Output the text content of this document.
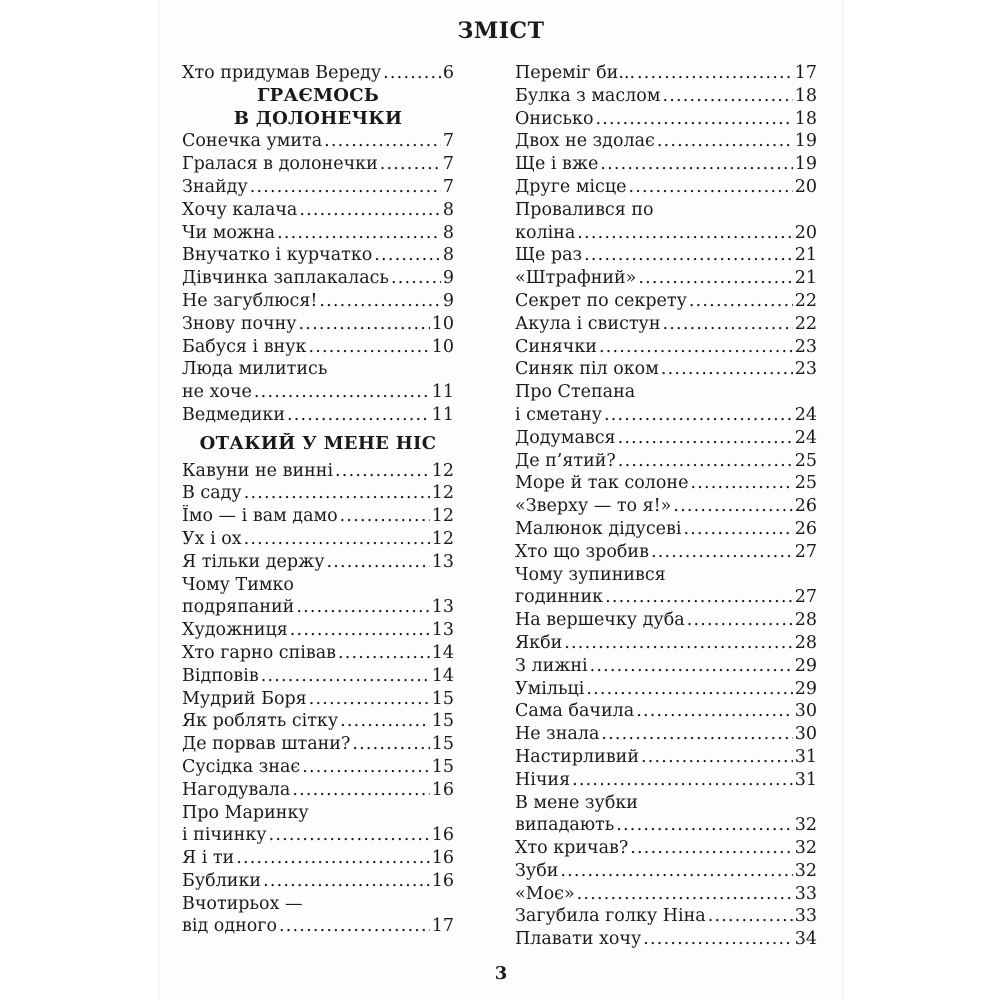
ЗМІСТ
Хто придумав Вереду .....	6
ГРАЄМОСЬ
В ДОЛОНЕЧКИ
Сонечка умита .....	7
Гралася в долонечки .....	7
Знайду .....	7
Хочу калача .....	8
Чи можна .....	8
Внучатко і курчатко .....	8
Дівчинка заплакалась .....	9
Не загублюся! .....	9
Знову почну .....	10
Бабуся і внук .....	10
Люда милитись
не хоче .....	11
Ведмедики .....	11
ОТАКИЙ У МЕНЕ НІС
Кавуни не винні .....	12
В саду .....	12
Їмо — і вам дамо .....	12
Ух і ох .....	12
Я тільки держу .....	13
Чому Тимко
подряпаний .....	13
Художниця .....	13
Хто гарно співав .....	14
Відповів .....	14
Мудрий Боря .....	15
Як роблять сітку .....	15
Де порвав штани? .....	15
Сусідка знає .....	15
Нагодувала .....	16
Про Маринку
і пічинку .....	16
Я і ти .....	16
Бублики .....	16
Вчотирьох —
від одного .....	17
Переміг би... .....	17
Булка з маслом .....	18
Онисько .....	18
Двох не здолає .....	19
Ще і вже .....	19
Друге місце .....	20
Провалився по
коліна .....	20
Ще раз .....	21
«Штрафний» .....	21
Секрет по секрету .....	22
Акула і свистун .....	22
Синячки .....	23
Синяк піл оком .....	23
Про Степана
і сметану .....	24
Додумався .....	24
Де п’ятий? .....	25
Море й так солоне .....	25
«Зверху — то я!» .....	26
Малюнок дідусеві .....	26
Хто що зробив .....	27
Чому зупинився
годинник .....	27
На вершечку дуба .....	28
Якби .....	28
З лижні .....	29
Умільці .....	29
Сама бачила .....	30
Не знала .....	30
Настирливий .....	31
Нічия .....	31
В мене зубки
випадають .....	32
Хто кричав? .....	32
Зуби .....	32
«Моє» .....	33
Загубила голку Ніна .....	33
Плавати хочу .....	34
3
